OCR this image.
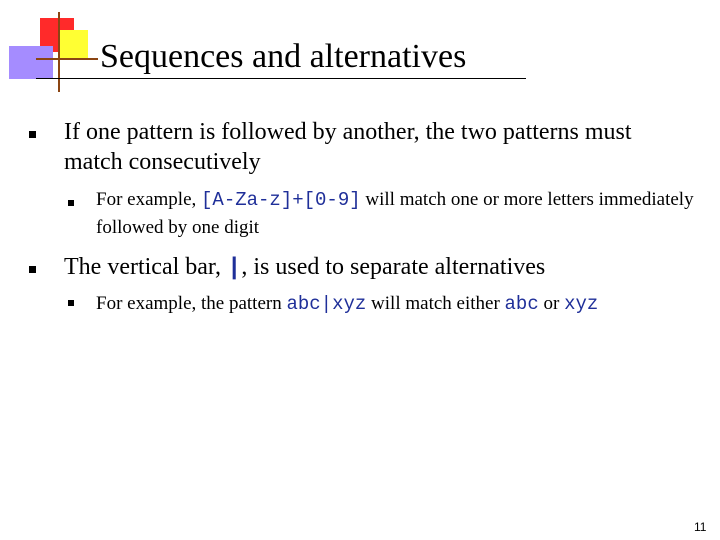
Sequences and alternatives
If one pattern is followed by another, the two patterns must match consecutively
For example, [A-Za-z]+[0-9] will match one or more letters immediately followed by one digit
The vertical bar, |, is used to separate alternatives
For example, the pattern abc|xyz will match either abc or xyz
11
